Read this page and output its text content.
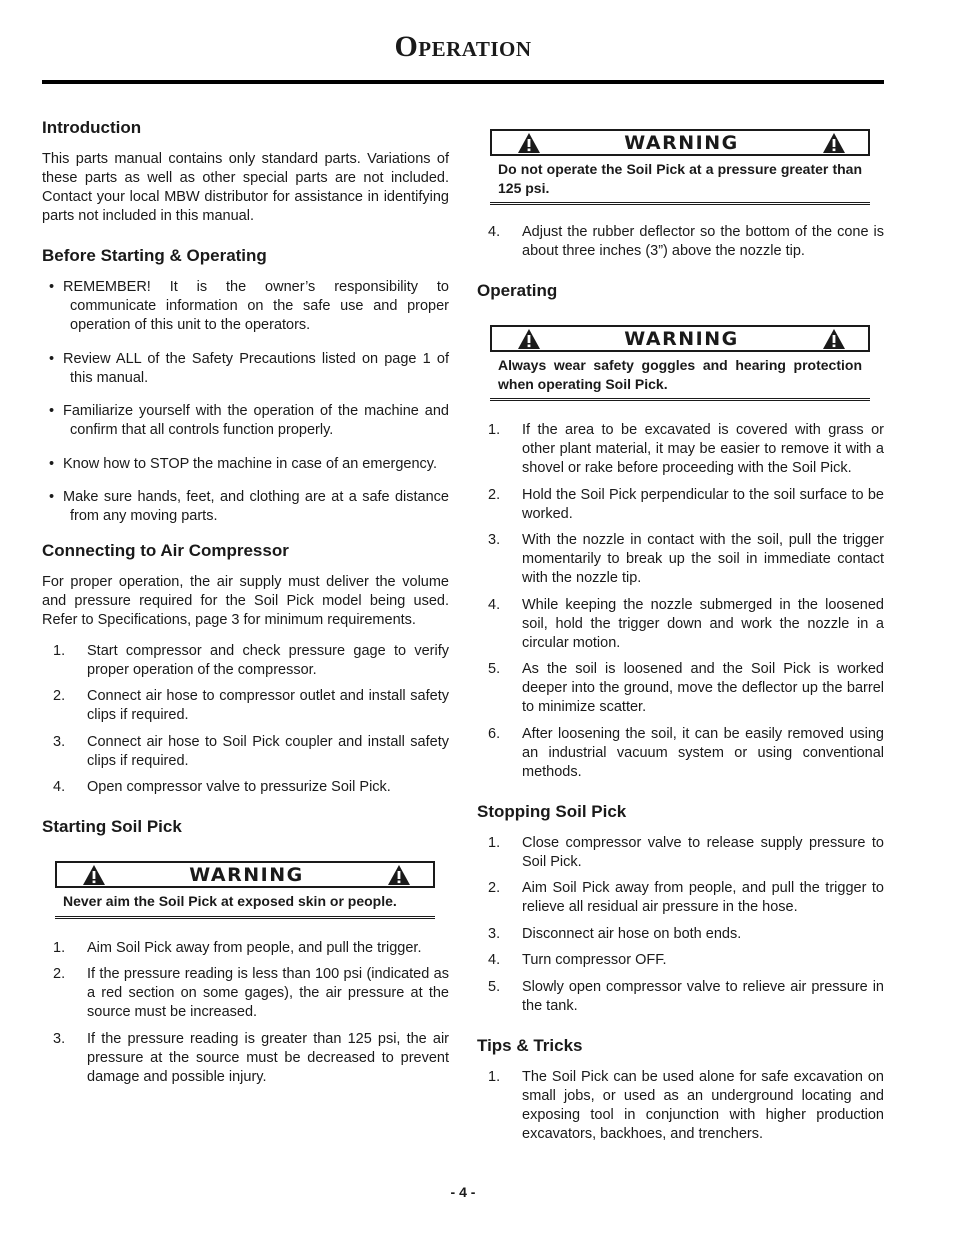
Operation
Introduction

This parts manual contains only standard parts. Variations of these parts as well as other special parts are not included. Contact your local MBW distributor for assistance in identifying parts not included in this manual.

Before Starting & Operating
• REMEMBER! It is the owner’s responsibility to communicate information on the safe use and proper operation of this unit to the operators.
• Review ALL of the Safety Precautions listed on page 1 of this manual.
• Familiarize yourself with the operation of the machine and confirm that all controls function properly.
• Know how to STOP the machine in case of an emergency.
• Make sure hands, feet, and clothing are at a safe distance from any moving parts.
Connecting to Air Compressor

For proper operation, the air supply must deliver the volume and pressure required for the Soil Pick model being used. Refer to Specifications, page 3 for minimum requirements.

1. Start compressor and check pressure gage to verify proper operation of the compressor.
2. Connect air hose to compressor outlet and install safety clips if required.
3. Connect air hose to Soil Pick coupler and install safety clips if required.
4. Open compressor valve to pressurize Soil Pick.
Starting Soil Pick
WARNING
Never aim the Soil Pick at exposed skin or people.
1. Aim Soil Pick away from people, and pull the trigger.
2. If the pressure reading is less than 100 psi (indicated as a red section on some gages), the air pressure at the source must be increased.
3. If the pressure reading is greater than 125 psi, the air pressure at the source must be decreased to prevent damage and possible injury.
WARNING
Do not operate the Soil Pick at a pressure greater than 125 psi.
4. Adjust the rubber deflector so the bottom of the cone is about three inches (3”) above the nozzle tip.
Operating
WARNING
Always wear safety goggles and hearing protection when operating Soil Pick.
1. If the area to be excavated is covered with grass or other plant material, it may be easier to remove it with a shovel or rake before proceeding with the Soil Pick.
2. Hold the Soil Pick perpendicular to the soil surface to be worked.
3. With the nozzle in contact with the soil, pull the trigger momentarily to break up the soil in immediate contact with the nozzle tip.
4. While keeping the nozzle submerged in the loosened soil, hold the trigger down and work the nozzle in a circular motion.
5. As the soil is loosened and the Soil Pick is worked deeper into the ground, move the deflector up the barrel to minimize scatter.
6. After loosening the soil, it can be easily removed using an industrial vacuum system or using conventional methods.
Stopping Soil Pick
1. Close compressor valve to release supply pressure to Soil Pick.
2. Aim Soil Pick away from people, and pull the trigger to relieve all residual air pressure in the hose.
3. Disconnect air hose on both ends.
4. Turn compressor OFF.
5. Slowly open compressor valve to relieve air pressure in the tank.
Tips & Tricks
1. The Soil Pick can be used alone for safe excavation on small jobs, or used as an underground locating and exposing tool in conjunction with higher production excavators, backhoes, and trenchers.
- 4 -
